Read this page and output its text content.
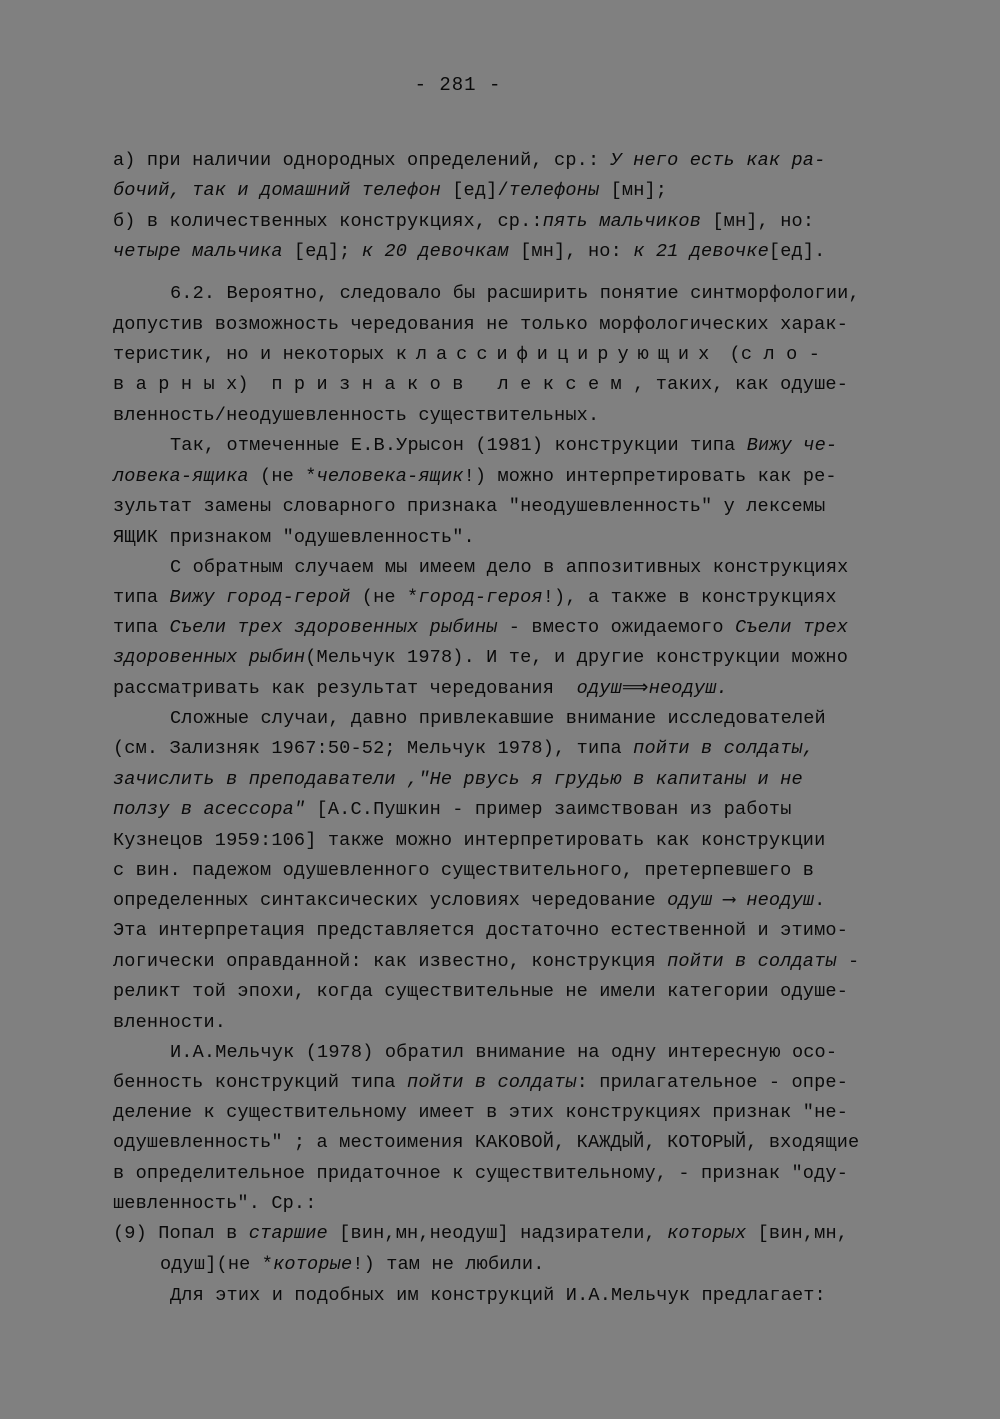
- 281 -
а) при наличии однородных определений, ср.: У него есть как ра-
бочий, так и домашний телефон [ед]/телефоны [мн];
б) в количественных конструкциях, ср.:пять мальчиков [мн], но:
четыре мальчика [ед]; к 20 девочкам [мн], но: к 21 девочке[ед].
6.2. Вероятно, следовало бы расширить понятие синтморфологии,
допустив возможность чередования не только морфологических харак-
теристик, но и некоторых классифицирующих (с л о -
в а р н ы х)  п р и з н а к о в   л е к с е м , таких, как одуше-
вленность/неодушевленность существительных.
Так, отмеченные Е.В.Урысон (1981) конструкции типа Вижу че-
ловека-ящика (не *человека-ящик!) можно интерпретировать как ре-
зультат замены словарного признака "неодушевленность" у лексемы
ЯЩИК признаком "одушевленность".
С обратным случаем мы имеем дело в аппозитивных конструкциях
типа Вижу город-герой (не *город-героя!), а также в конструкциях
типа Съели трех здоровенных рыбины - вместо ожидаемого Съели трех
здоровенных рыбин(Мельчук 1978). И те, и другие конструкции можно
рассматривать как результат чередования  одуш⟹неодуш.
Сложные случаи, давно привлекавшие внимание исследователей
(см. Зализняк 1967:50-52; Мельчук 1978), типа пойти в солдаты,
зачислить в преподаватели ,"Не рвусь я грудью в капитаны и не
ползу в асессора" [А.С.Пушкин - пример заимствован из работы
Кузнецов 1959:106] также можно интерпретировать как конструкции
с вин. падежом одушевленного существительного, претерпевшего в
определенных синтаксических условиях чередование одуш ⟶ неодуш.
Эта интерпретация представляется достаточно естественной и этимо-
логически оправданной: как известно, конструкция пойти в солдаты -
реликт той эпохи, когда существительные не имели категории одуше-
вленности.
И.А.Мельчук (1978) обратил внимание на одну интересную осо-
бенность конструкций типа пойти в солдаты: прилагательное - опре-
деление к существительному имеет в этих конструкциях признак "не-
одушевленность" ; а местоимения КАКОВОЙ, КАЖДЫЙ, КОТОРЫЙ, входящие
в определительное придаточное к существительному, - признак "оду-
шевленность". Ср.:
(9) Попал в старшие [вин,мн,неодуш] надзиратели, которых [вин,мн,
одуш](не *которые!) там не любили.
Для этих и подобных им конструкций И.А.Мельчук предлагает:
